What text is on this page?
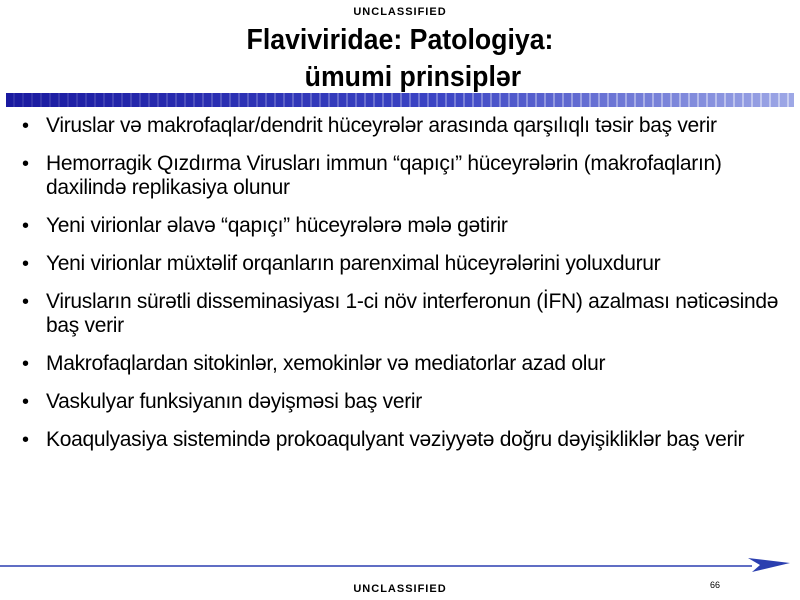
UNCLASSIFIED
Flaviviridae: Patologiya:
ümumi prinsiplǝr
• Viruslar vǝ makrofaqlar/dendrit hüceyrǝlǝr arasında qarşılıqlı tǝsir baş verir
• Hemorragik Qızdırma Virusları immun “qapıçı” hüceyrǝlǝrin (makrofaqların) daxilindǝ replikasiya olunur
• Yeni virionlar ǝlavǝ “qapıçı” hüceyrǝlǝrǝ mǝlǝ gǝtirir
• Yeni virionlar müxtǝlif orqanların parenximal hüceyrǝlǝrini yoluxdurur
• Virusların sürǝtli disseminasiyası 1-ci növ interferonun (İFN) azalması nǝticǝsindǝ baş verir
• Makrofaqlardan sitokinlǝr, xemokinlǝr vǝ mediatorlar azad olur
• Vaskulyar funksiyanın dǝyişmǝsi baş verir
• Koaqulyasiya sistemindǝ prokoaqulyant vǝziyyǝtǝ doğru dǝyişikliklǝr baş verir
66
UNCLASSIFIED
